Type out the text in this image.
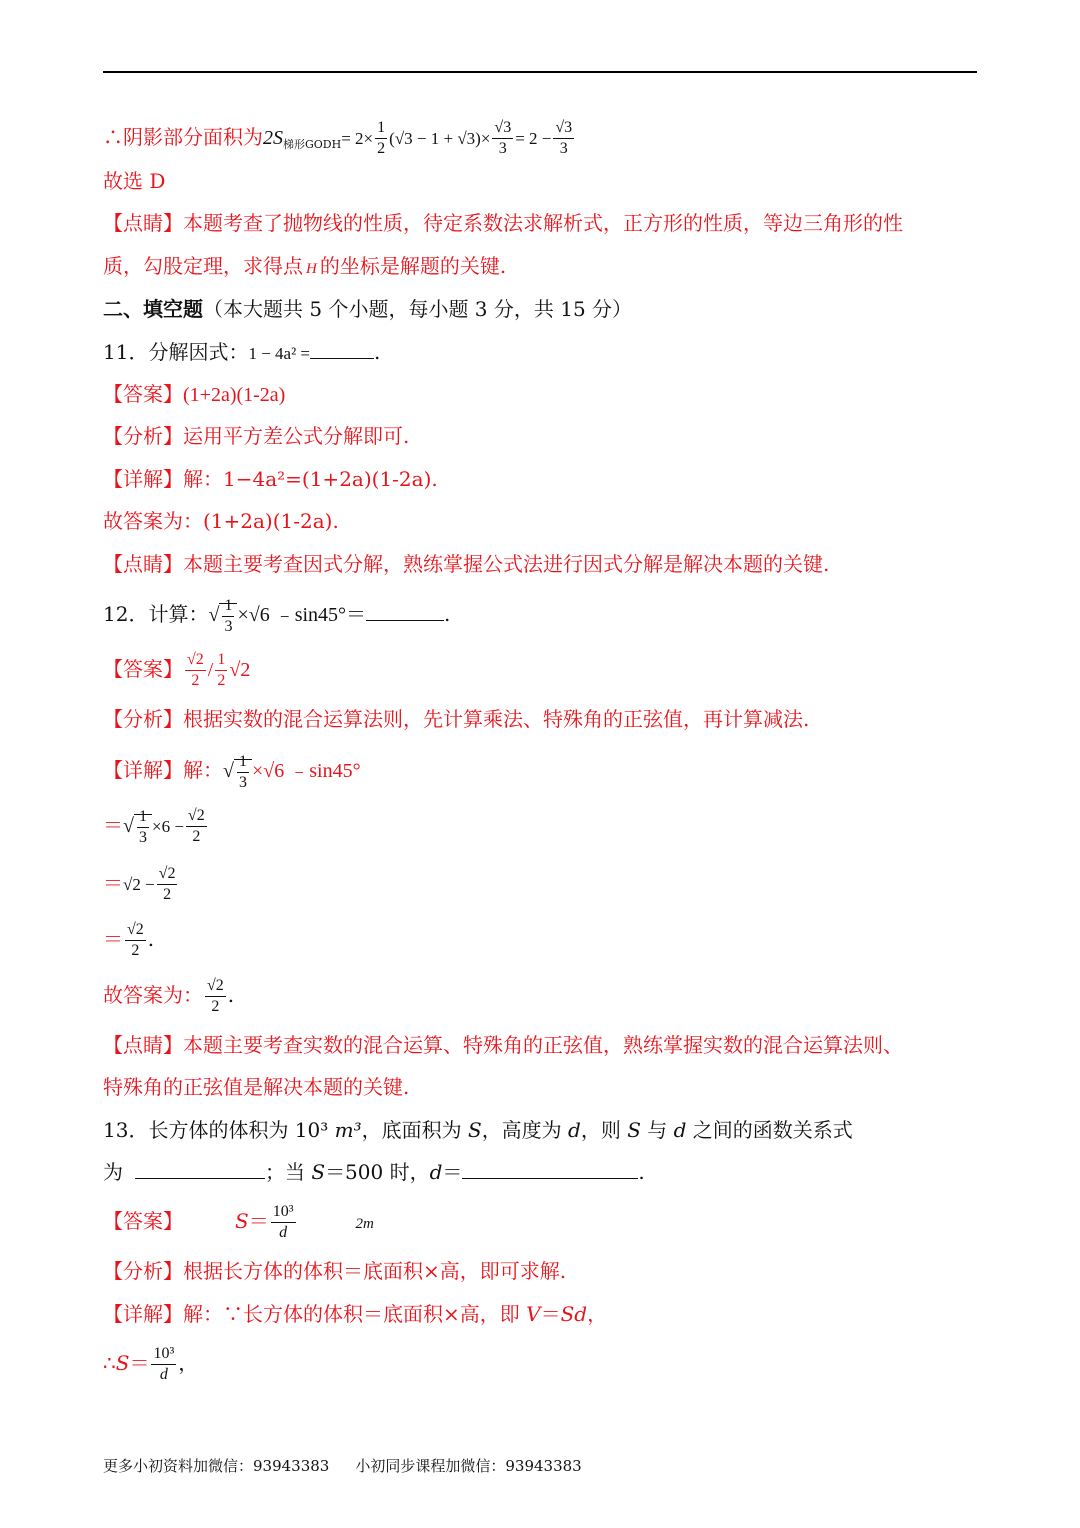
∴阴影部分面积为$2S_{梯形GODH}= 2\times \frac{1}{2} (√3 - 1 + √3)\times \frac{√3}{3} = 2 - \frac{√3}{3}$
故选 D
【点睛】本题考查了抛物线的性质，待定系数法求解析式，正方形的性质，等边三角形的性
质，勾股定理，求得点 H 的坐标是解题的关键.
二、填空题（本大题共 5 个小题，每小题 3 分，共 15 分）
11．分解因式：1 − 4a² =	.
【答案】(1+2a)(1-2a)
【分析】运用平方差公式分解即可.
【详解】解：1−4a²=(1+2a)(1-2a).
故答案为：(1+2a)(1-2a).
【点睛】本题主要考查因式分解，熟练掌握公式法进行因式分解是解决本题的关键.
12．计算：√ $\frac{1}{3} \times√6$ ﹣sin45°＝	.
【答案】 $\frac{√2}{2} / \frac{1}{2} √2$
【分析】根据实数的混合运算法则，先计算乘法、特殊角的正弦值，再计算减法.
【详解】解：√ $\frac{1}{3} \times√6$ ﹣sin45°
＝√ $\frac{1}{3} \times 6 - \frac{√2}{2}$
$=√2 - \frac{√2}{2}$
＝ $\frac{√2}{2}$ .
故答案为： $\frac{√2}{2}$ .
【点睛】本题主要考查实数的混合运算、特殊角的正弦值，熟练掌握实数的混合运算法则、
特殊角的正弦值是解决本题的关键.
13．长方体的体积为 10³ m³，底面积为 S，高度为 d，则 S 与 d 之间的函数关系式
为	；当 S＝500 时，d＝	.
【答案】	$S= \frac{\text{10³}}{d}$	2m
【分析】根据长方体的体积＝底面积×高，即可求解.
【详解】解：∵长方体的体积＝底面积×高，即 V＝Sd，
∴S＝ $\frac{\text{10³}}{d}$ ，
更多小初资料加微信：93943383 小初同步课程加微信：93943383
